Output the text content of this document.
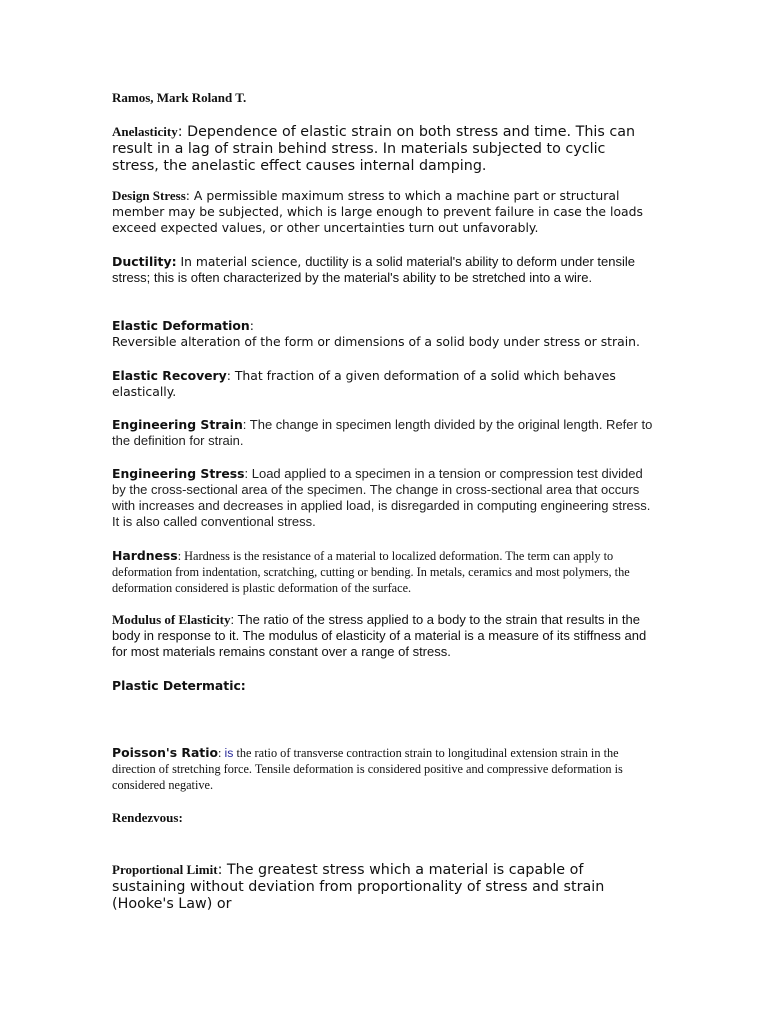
Ramos, Mark Roland T.
Anelasticity: Dependence of elastic strain on both stress and time. This can result in a lag of strain behind stress. In materials subjected to cyclic stress, the anelastic effect causes internal damping.
Design Stress: A permissible maximum stress to which a machine part or structural member may be subjected, which is large enough to prevent failure in case the loads exceed expected values, or other uncertainties turn out unfavorably.
Ductility: In material science, ductility is a solid material's ability to deform under tensile stress; this is often characterized by the material's ability to be stretched into a wire.
Elastic Deformation:
Reversible alteration of the form or dimensions of a solid body under stress or strain.
Elastic Recovery: That fraction of a given deformation of a solid which behaves elastically.
Engineering Strain: The change in specimen length divided by the original length. Refer to the definition for strain.
Engineering Stress: Load applied to a specimen in a tension or compression test divided by the cross-sectional area of the specimen. The change in cross-sectional area that occurs with increases and decreases in applied load, is disregarded in computing engineering stress. It is also called conventional stress.
Hardness: Hardness is the resistance of a material to localized deformation. The term can apply to deformation from indentation, scratching, cutting or bending. In metals, ceramics and most polymers, the deformation considered is plastic deformation of the surface.
Modulus of Elasticity: The ratio of the stress applied to a body to the strain that results in the body in response to it. The modulus of elasticity of a material is a measure of its stiffness and for most materials remains constant over a range of stress.
Plastic Determatic:
Poisson's Ratio: is the ratio of transverse contraction strain to longitudinal extension strain in the direction of stretching force. Tensile deformation is considered positive and compressive deformation is considered negative.
Rendezvous:
Proportional Limit: The greatest stress which a material is capable of sustaining without deviation from proportionality of stress and strain (Hooke's Law) or
